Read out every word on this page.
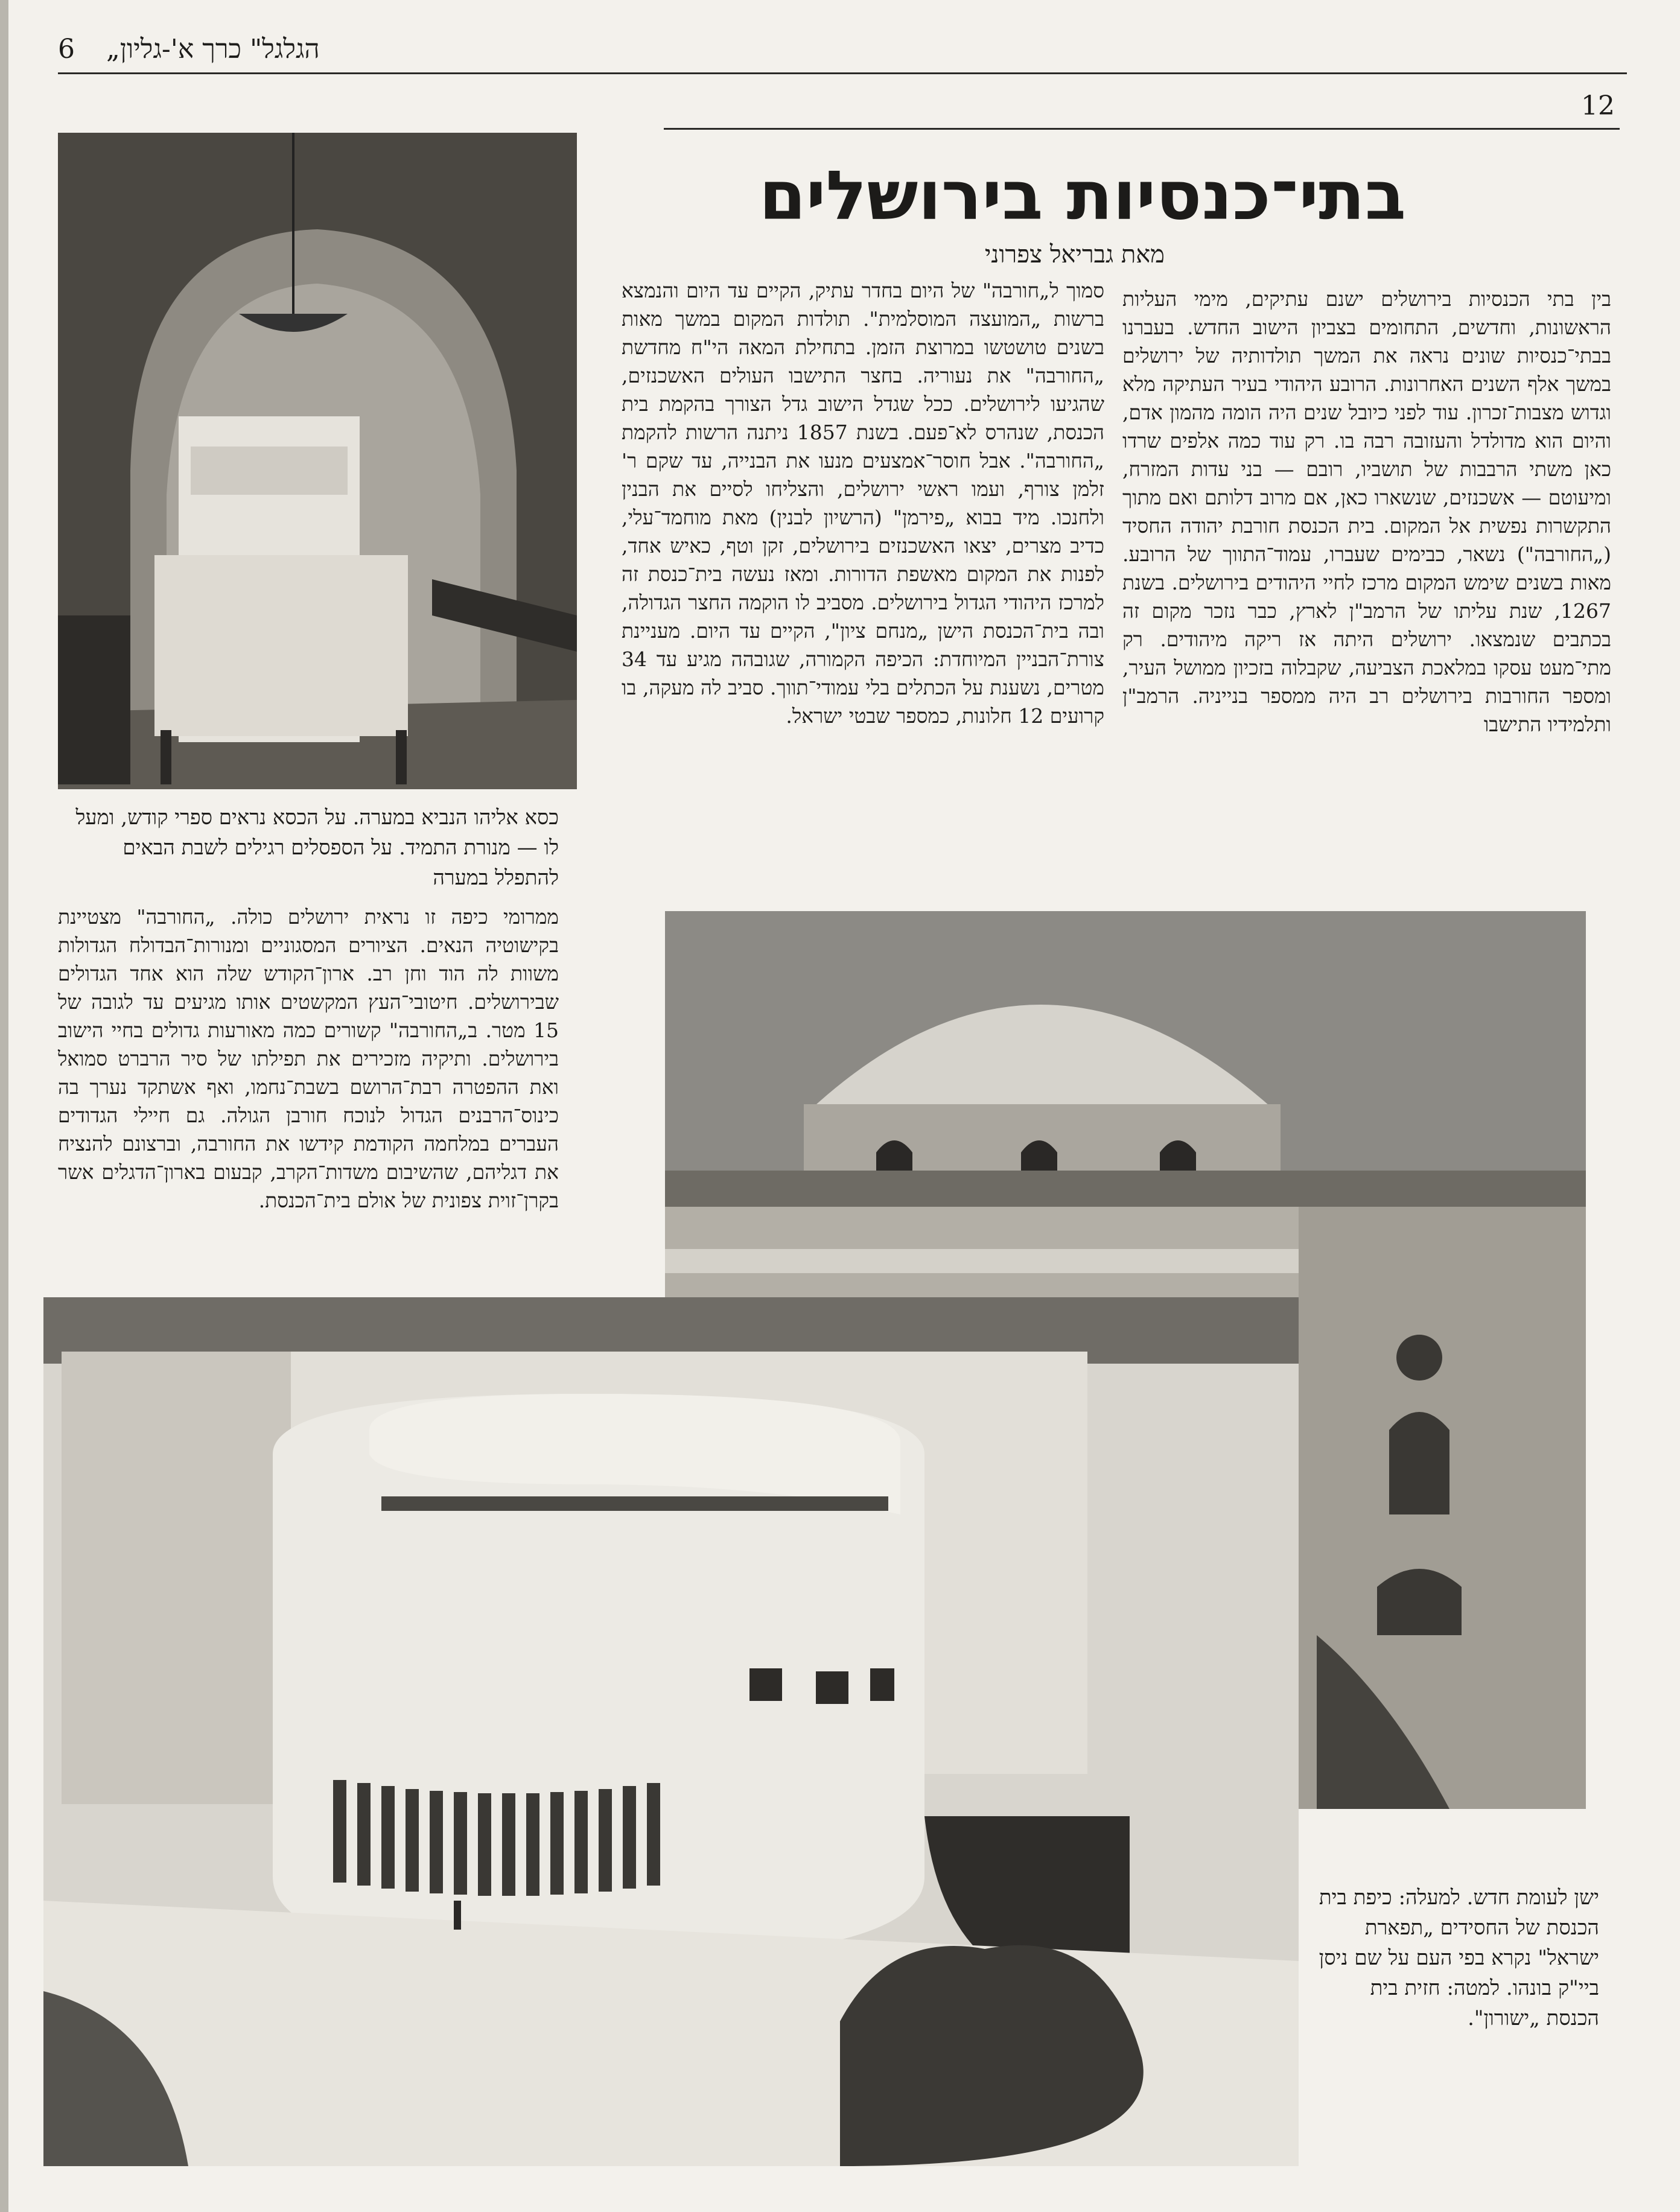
6 „הגלגל" כרך א'-גליון
12
בתי־כנסיות בירושלים
מאת גבריאל צפרוני
בין בתי הכנסיות בירושלים ישנם עתיקים, מימי העליות הראשונות, וחדשים, התחומים בצביון הישוב החדש. בעברנו בבתי־כנסיות שונים נראה את המשך תולדותיה של ירושלים במשך אלף השנים האחרונות. הרובע היהודי בעיר העתיקה מלא וגדוש מצבות־זכרון. עוד לפני כיובל שנים היה הומה מהמון אדם, והיום הוא מדולדל והעזובה רבה בו. רק עוד כמה אלפים שרדו כאן משתי הרבבות של תושביו, רובם — בני עדות המזרח, ומיעוטם — אשכנזים, שנשארו כאן, אם מרוב דלותם ואם מתוך התקשרות נפשית אל המקום. בית הכנסת חורבת יהודה החסיד („החורבה") נשאר, כבימים שעברו, עמוד־התווך של הרובע. מאות בשנים שימש המקום מרכז לחיי היהודים בירושלים. בשנת 1267, שנת עליתו של הרמב"ן לארץ, כבר נזכר מקום זה בכתבים שנמצאו. ירושלים היתה אז ריקה מיהודים. רק מתי־מעט עסקו במלאכת הצביעה, שקבלוה בזכיון ממושל העיר, ומספר החורבות בירושלים רב היה ממספר בנייניה. הרמב"ן ותלמידיו התישבו
סמוך ל„חורבה" של היום בחדר עתיק, הקיים עד היום והנמצא ברשות „המועצה המוסלמית". תולדות המקום במשך מאות בשנים טושטשו במרוצת הזמן. בתחילת המאה הי"ח מחדשת „החורבה" את נעוריה. בחצר התישבו העולים האשכנזים, שהגיעו לירושלים. ככל שגדל הישוב גדל הצורך בהקמת בית הכנסת, שנהרס לא־פעם. בשנת 1857 ניתנה הרשות להקמת „החורבה". אבל חוסר־אמצעים מנעו את הבנייה, עד שקם ר' זלמן צורף, ועמו ראשי ירושלים, והצליחו לסיים את הבנין ולחנכו. מיד בבוא „פירמן" (הרשיון לבנין) מאת מוחמד־עלי, כדיב מצרים, יצאו האשכנזים בירושלים, זקן וטף, כאיש אחד, לפנות את המקום מאשפת הדורות. ומאז נעשה בית־כנסת זה למרכז היהודי הגדול בירושלים. מסביב לו הוקמה החצר הגדולה, ובה בית־הכנסת הישן „מנחם ציון", הקיים עד היום. מעניינת צורת־הבניין המיוחדת: הכיפה הקמורה, שגובהה מגיע עד 34 מטרים, נשענת על הכתלים בלי עמודי־תווך. סביב לה מעקה, בו קרועים 12 חלונות, כמספר שבטי ישראל.
כסא אליהו הנביא במערה. על הכסא נראים ספרי קודש, ומעל לו — מנורת התמיד. על הספסלים רגילים לשבת הבאים להתפלל במערה
ממרומי כיפה זו נראית ירושלים כולה. „החורבה" מצטיינת בקישוטיה הנאים. הציורים המסגוניים ומנורות־הבדולח הגדולות משוות לה הוד וחן רב. ארון־הקודש שלה הוא אחד הגדולים שבירושלים. חיטובי־העץ המקשטים אותו מגיעים עד לגובה של 15 מטר. ב„החורבה" קשורים כמה מאורעות גדולים בחיי הישוב בירושלים. ותיקיה מזכירים את תפילתו של סיר הרברט סמואל ואת ההפטרה רבת־הרושם בשבת־נחמו, ואף אשתקד נערך בה כינוס־הרבנים הגדול לנוכח חורבן הגולה. גם חיילי הגדודים העברים במלחמה הקודמת קידשו את החורבה, וברצונם להנציח את דגליהם, שהשיבום משדות־הקרב, קבעום בארון־הדגלים אשר בקרן־זוית צפונית של אולם בית־הכנסת.
ישן לעומת חדש. למעלה: כיפת בית הכנסת של החסידים „תפארת ישראל" נקרא בפי העם על שם ניסן ביי"ק בונהו. למטה: חזית בית הכנסת „ישורון".
